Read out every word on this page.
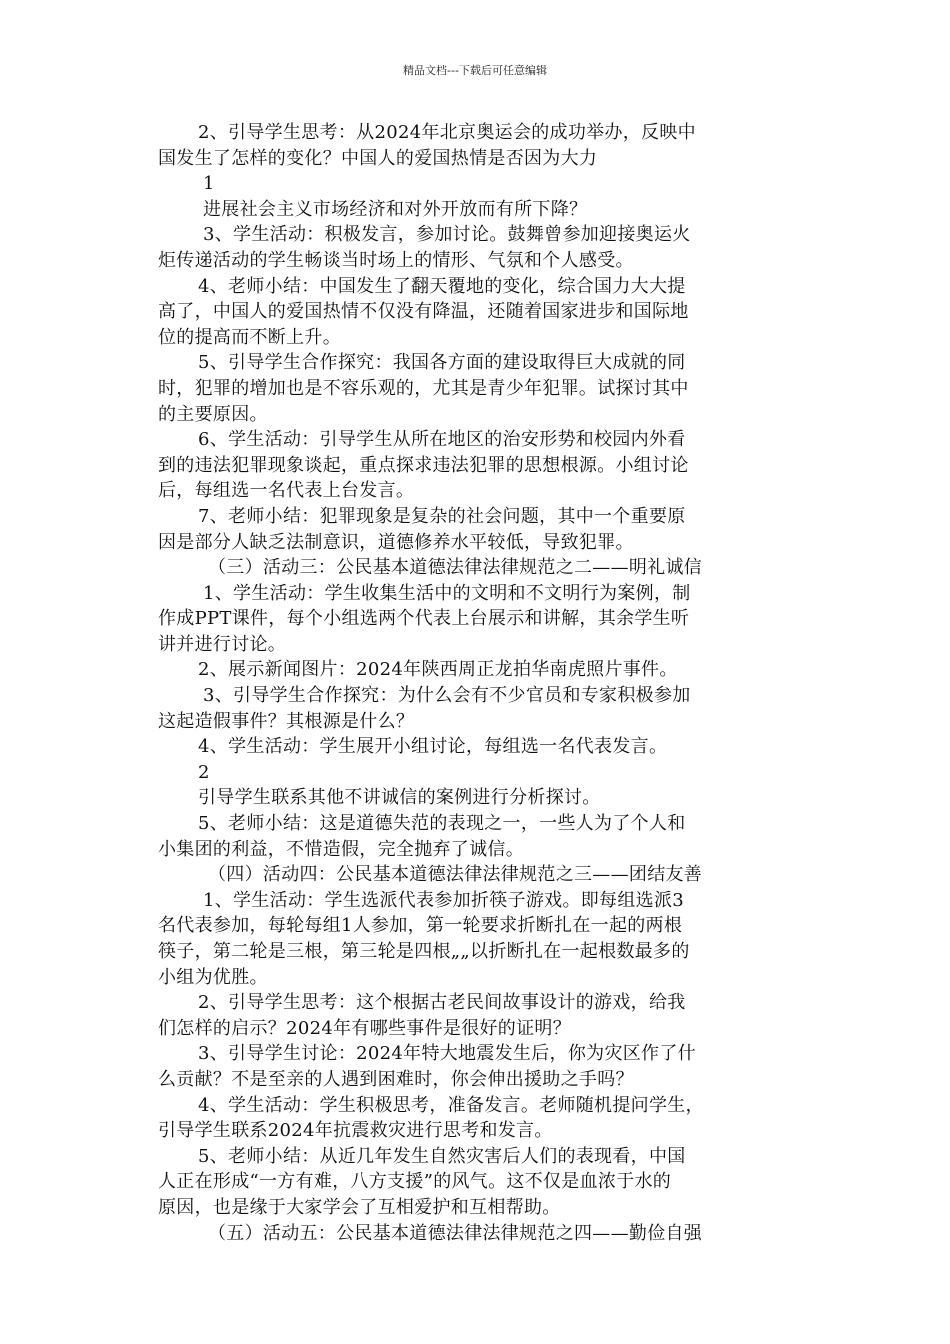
精品文档---下载后可任意编辑
2、引导学生思考：从2024年北京奥运会的成功举办，反映中
国发生了怎样的变化？中国人的爱国热情是否因为大力
1
进展社会主义市场经济和对外开放而有所下降？
3、学生活动：积极发言，参加讨论。鼓舞曾参加迎接奥运火
炬传递活动的学生畅谈当时场上的情形、气氛和个人感受。
4、老师小结：中国发生了翻天覆地的变化，综合国力大大提
高了，中国人的爱国热情不仅没有降温，还随着国家进步和国际地
位的提高而不断上升。
5、引导学生合作探究：我国各方面的建设取得巨大成就的同
时，犯罪的增加也是不容乐观的，尤其是青少年犯罪。试探讨其中
的主要原因。
6、学生活动：引导学生从所在地区的治安形势和校园内外看
到的违法犯罪现象谈起，重点探求违法犯罪的思想根源。小组讨论
后，每组选一名代表上台发言。
7、老师小结：犯罪现象是复杂的社会问题，其中一个重要原
因是部分人缺乏法制意识，道德修养水平较低，导致犯罪。
（三）活动三：公民基本道德法律法律规范之二——明礼诚信
1、学生活动：学生收集生活中的文明和不文明行为案例，制
作成PPT课件，每个小组选两个代表上台展示和讲解，其余学生听
讲并进行讨论。
2、展示新闻图片：2024年陕西周正龙拍华南虎照片事件。
3、引导学生合作探究：为什么会有不少官员和专家积极参加
这起造假事件？其根源是什么？
4、学生活动：学生展开小组讨论，每组选一名代表发言。
2
引导学生联系其他不讲诚信的案例进行分析探讨。
5、老师小结：这是道德失范的表现之一，一些人为了个人和
小集团的利益，不惜造假，完全抛弃了诚信。
（四）活动四：公民基本道德法律法律规范之三——团结友善
1、学生活动：学生选派代表参加折筷子游戏。即每组选派3
名代表参加，每轮每组1人参加，第一轮要求折断扎在一起的两根
筷子，第二轮是三根，第三轮是四根„„以折断扎在一起根数最多的
小组为优胜。
2、引导学生思考：这个根据古老民间故事设计的游戏，给我
们怎样的启示？2024年有哪些事件是很好的证明？
3、引导学生讨论：2024年特大地震发生后，你为灾区作了什
么贡献？不是至亲的人遇到困难时，你会伸出援助之手吗？
4、学生活动：学生积极思考，准备发言。老师随机提问学生，
引导学生联系2024年抗震救灾进行思考和发言。
5、老师小结：从近几年发生自然灾害后人们的表现看，中国
人正在形成“一方有难，八方支援”的风气。这不仅是血浓于水的
原因，也是缘于大家学会了互相爱护和互相帮助。
（五）活动五：公民基本道德法律法律规范之四——勤俭自强
